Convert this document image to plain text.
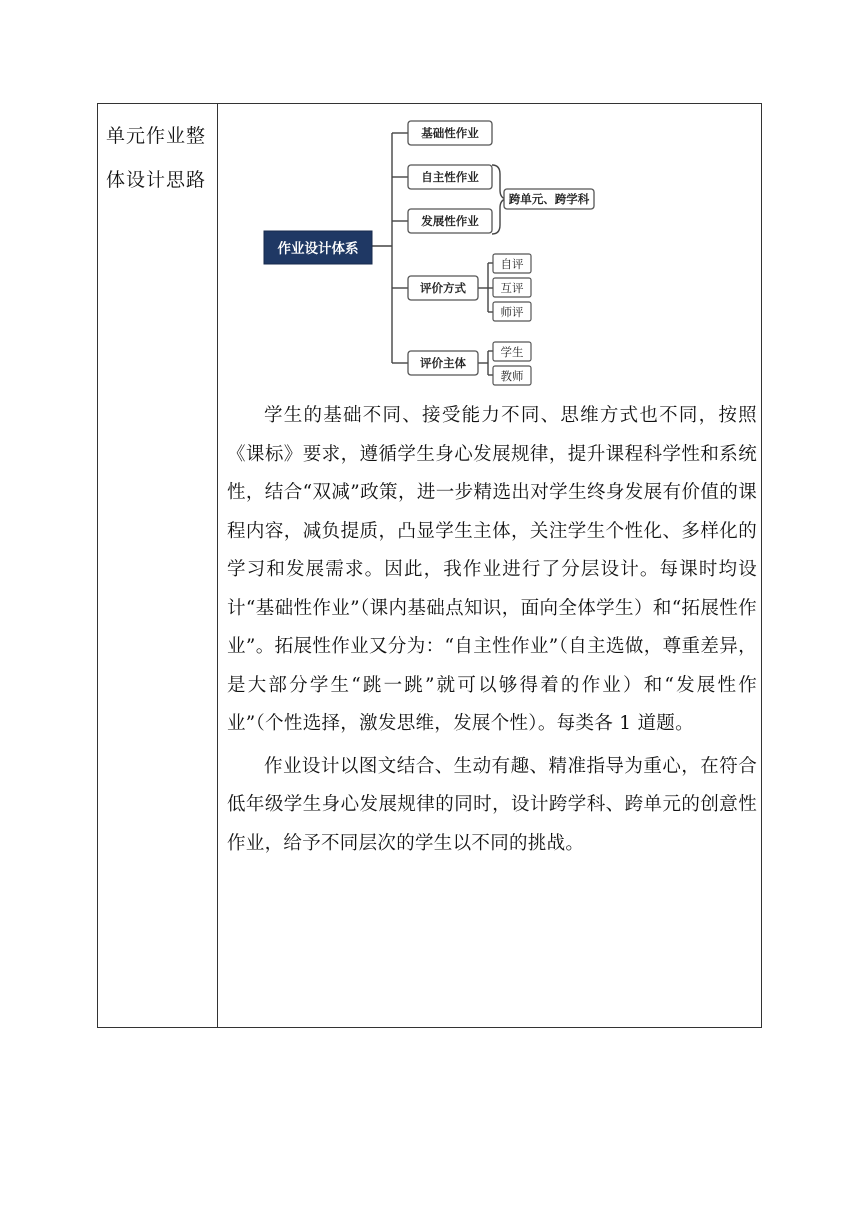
单元作业整体设计思路
作业设计体系
基础性作业
自主性作业
发展性作业
评价方式
评价主体
跨单元、跨学科
自评
互评
师评
学生
教师

学生的基础不同、接受能力不同、思维方式也不同，按照《课标》要求，遵循学生身心发展规律，提升课程科学性和系统性，结合“双减”政策，进一步精选出对学生终身发展有价值的课程内容，减负提质，凸显学生主体，关注学生个性化、多样化的学习和发展需求。因此，我作业进行了分层设计。每课时均设计“基础性作业”（课内基础点知识，面向全体学生）和“拓展性作业”。拓展性作业又分为：“自主性作业”（自主选做，尊重差异，是大部分学生“跳一跳”就可以够得着的作业）和“发展性作业”（个性选择，激发思维，发展个性）。每类各 1 道题。

作业设计以图文结合、生动有趣、精准指导为重心，在符合低年级学生身心发展规律的同时，设计跨学科、跨单元的创意性作业，给予不同层次的学生以不同的挑战。
